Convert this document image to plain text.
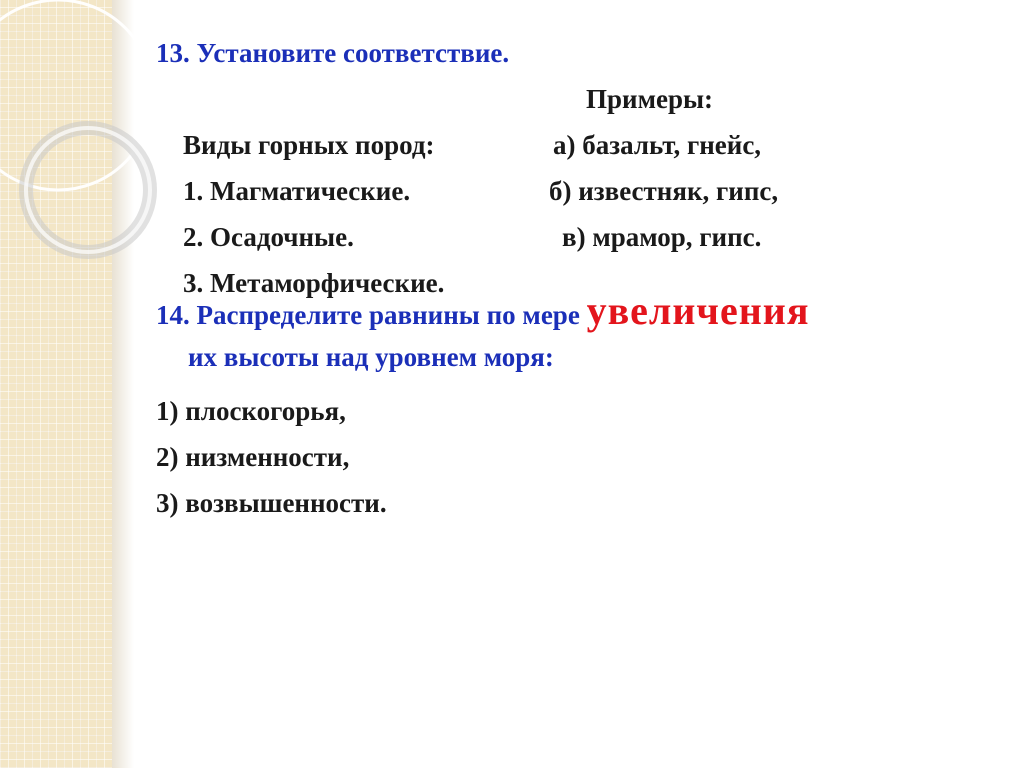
13. Установите соответствие.

Виды горных пород:

Примеры:

1. Магматические.

а) базальт, гнейс,

2. Осадочные.

б) известняк, гипс,

3. Метаморфические.

в) мрамор, гипс.

14. Распределите равнины по мере увеличения
их высоты над уровнем моря:
1) плоскогорья,
2) низменности,
3) возвышенности.
